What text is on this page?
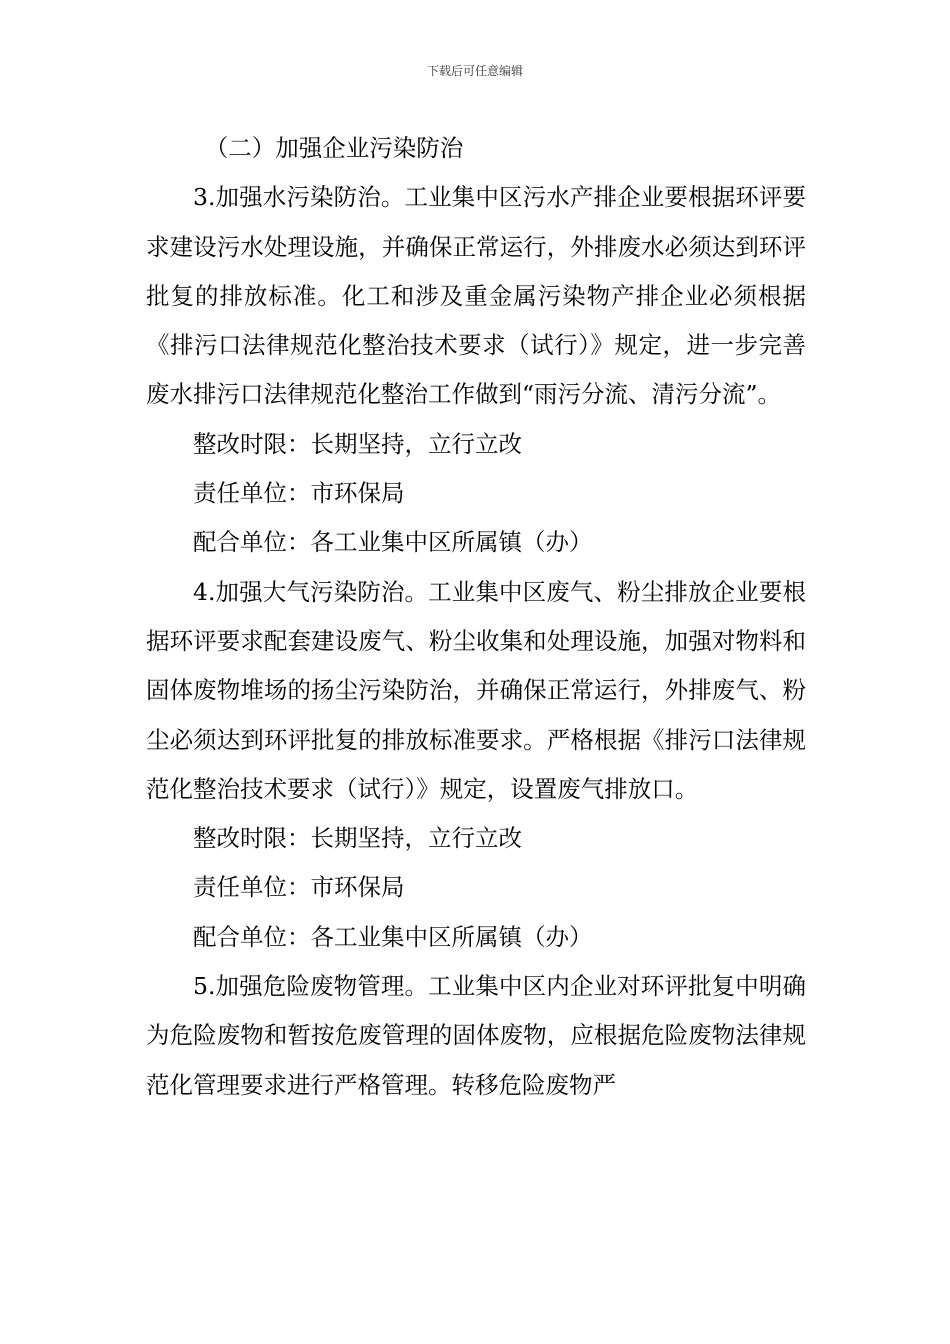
下载后可任意编辑

（二）加强企业污染防治

3.加强水污染防治。工业集中区污水产排企业要根据环评要求建设污水处理设施，并确保正常运行，外排废水必须达到环评批复的排放标准。化工和涉及重金属污染物产排企业必须根据《排污口法律规范化整治技术要求（试行）》规定，进一步完善废水排污口法律规范化整治工作做到“雨污分流、清污分流”。

整改时限：长期坚持，立行立改

责任单位：市环保局

配合单位：各工业集中区所属镇（办）

4.加强大气污染防治。工业集中区废气、粉尘排放企业要根据环评要求配套建设废气、粉尘收集和处理设施，加强对物料和固体废物堆场的扬尘污染防治，并确保正常运行，外排废气、粉尘必须达到环评批复的排放标准要求。严格根据《排污口法律规范化整治技术要求（试行）》规定，设置废气排放口。

整改时限：长期坚持，立行立改

责任单位：市环保局

配合单位：各工业集中区所属镇（办）

5.加强危险废物管理。工业集中区内企业对环评批复中明确为危险废物和暂按危废管理的固体废物，应根据危险废物法律规范化管理要求进行严格管理。转移危险废物严
